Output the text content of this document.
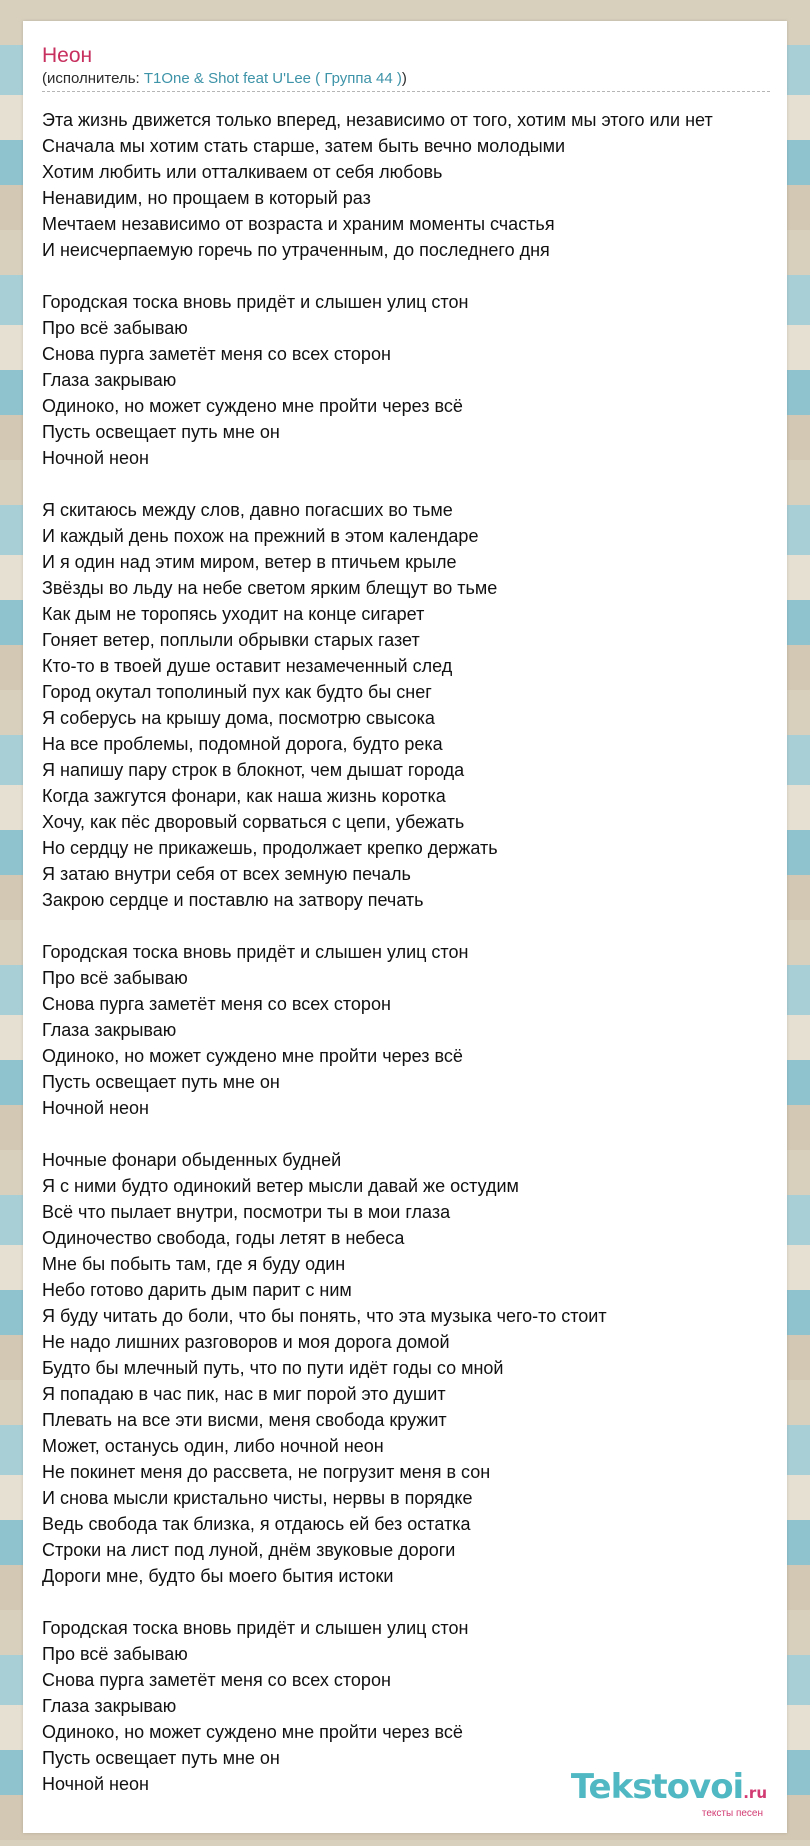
Неон
(исполнитель: T1One & Shot feat U'Lee ( Группа 44 ))
Эта жизнь движется только вперед, независимо от того, хотим мы этого или нет
Сначала мы хотим стать старше, затем быть вечно молодыми
Хотим любить или отталкиваем от себя любовь
Ненавидим, но прощаем в который раз
Мечтаем независимо от возраста и храним моменты счастья
И неисчерпаемую горечь по утраченным, до последнего дня
Городская тоска вновь придёт и слышен улиц стон
Про всё забываю
Снова пурга заметёт меня со всех сторон
Глаза закрываю
Одиноко, но может суждено мне пройти через всё
Пусть освещает путь мне он
Ночной неон
Я скитаюсь между слов, давно погасших во тьме
И каждый день похож на прежний в этом календаре
И я один над этим миром, ветер в птичьем крыле
Звёзды во льду на небе светом ярким блещут во тьме
Как дым не торопясь уходит на конце сигарет
Гоняет ветер, поплыли обрывки старых газет
Кто-то в твоей душе оставит незамеченный след
Город окутал тополиный пух как будто бы снег
Я соберусь на крышу дома, посмотрю свысока
На все проблемы, подомной дорога, будто река
Я напишу пару строк в блокнот, чем дышат города
Когда зажгутся фонари, как наша жизнь коротка
Хочу, как пёс дворовый сорваться с цепи, убежать
Но сердцу не прикажешь, продолжает крепко держать
Я затаю внутри себя от всех земную печаль
Закрою сердце и поставлю на затвору печать
Городская тоска вновь придёт и слышен улиц стон
Про всё забываю
Снова пурга заметёт меня со всех сторон
Глаза закрываю
Одиноко, но может суждено мне пройти через всё
Пусть освещает путь мне он
Ночной неон
Ночные фонари обыденных будней
Я с ними будто одинокий ветер мысли давай же остудим
Всё что пылает внутри, посмотри ты в мои глаза
Одиночество свобода, годы летят в небеса
Мне бы побыть там, где я буду один
Небо готово дарить дым парит с ним
Я буду читать до боли, что бы понять, что эта музыка чего-то стоит
Не надо лишних разговоров и моя дорога домой
Будто бы млечный путь, что по пути идёт годы со мной
Я попадаю в час пик, нас в миг порой это душит
Плевать на все эти висми, меня свобода кружит
Может, останусь один, либо ночной неон
Не покинет меня до рассвета, не погрузит меня в сон
И снова мысли кристально чисты, нервы в порядке
Ведь свобода так близка, я отдаюсь ей без остатка
Строки на лист под луной, днём звуковые дороги
Дороги мне, будто бы моего бытия истоки
Городская тоска вновь придёт и слышен улиц стон
Про всё забываю
Снова пурга заметёт меня со всех сторон
Глаза закрываю
Одиноко, но может суждено мне пройти через всё
Пусть освещает путь мне он
Ночной неон	Tekstovoi.ru
тексты песен
